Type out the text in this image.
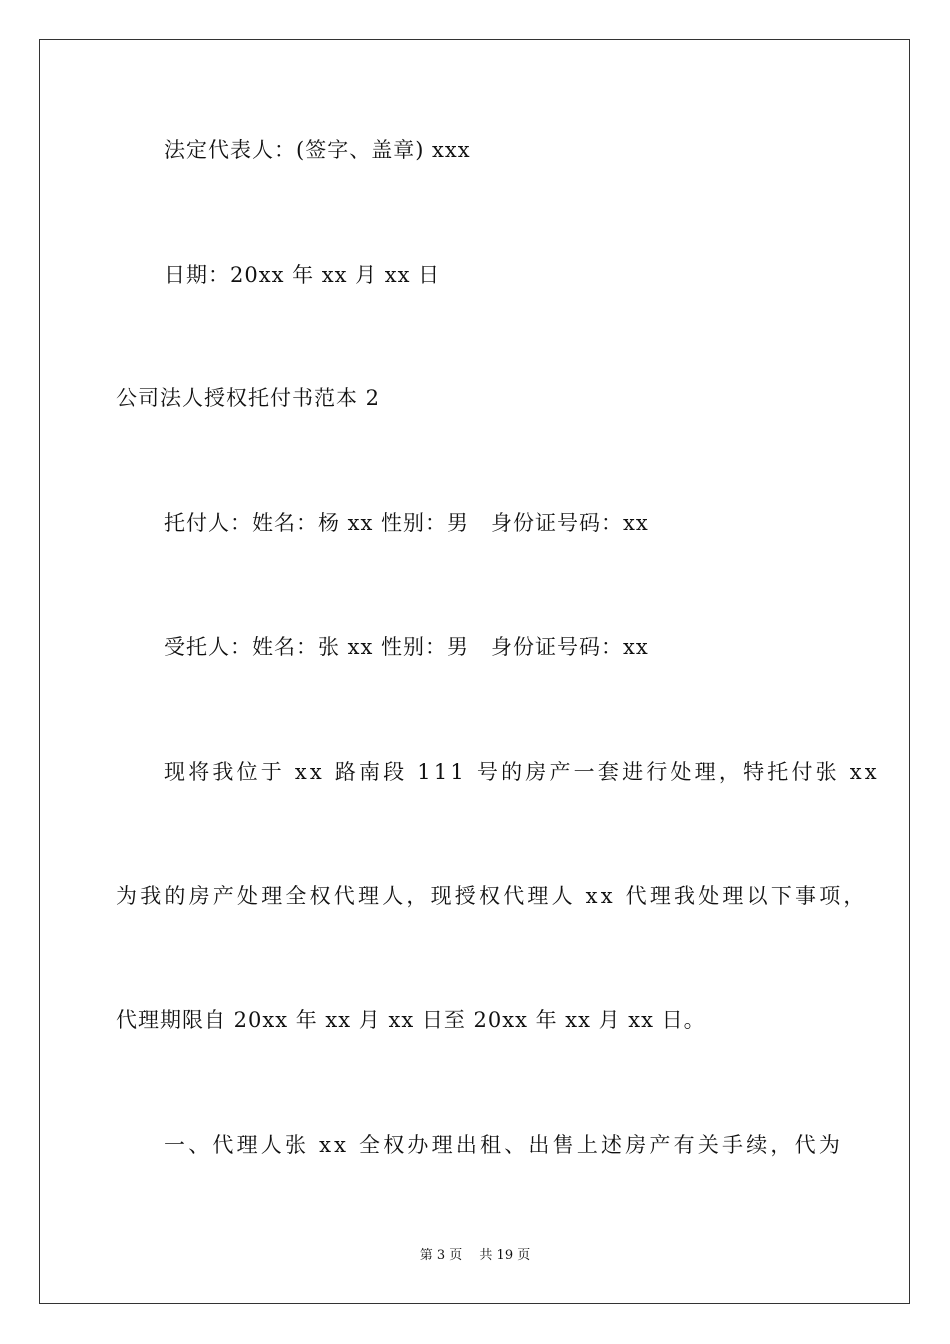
法定代表人：(签字、盖章) xxx
日期：20xx 年 xx 月 xx 日
公司法人授权托付书范本 2
托付人：姓名：杨 xx 性别：男　身份证号码：xx
受托人：姓名：张 xx 性别：男　身份证号码：xx
现将我位于 xx 路南段 111 号的房产一套进行处理，特托付张 xx
为我的房产处理全权代理人，现授权代理人 xx 代理我处理以下事项，
代理期限自 20xx 年 xx 月 xx 日至 20xx 年 xx 月 xx 日。
一、代理人张 xx 全权办理出租、出售上述房产有关手续，代为
第 3 页　 共 19 页
